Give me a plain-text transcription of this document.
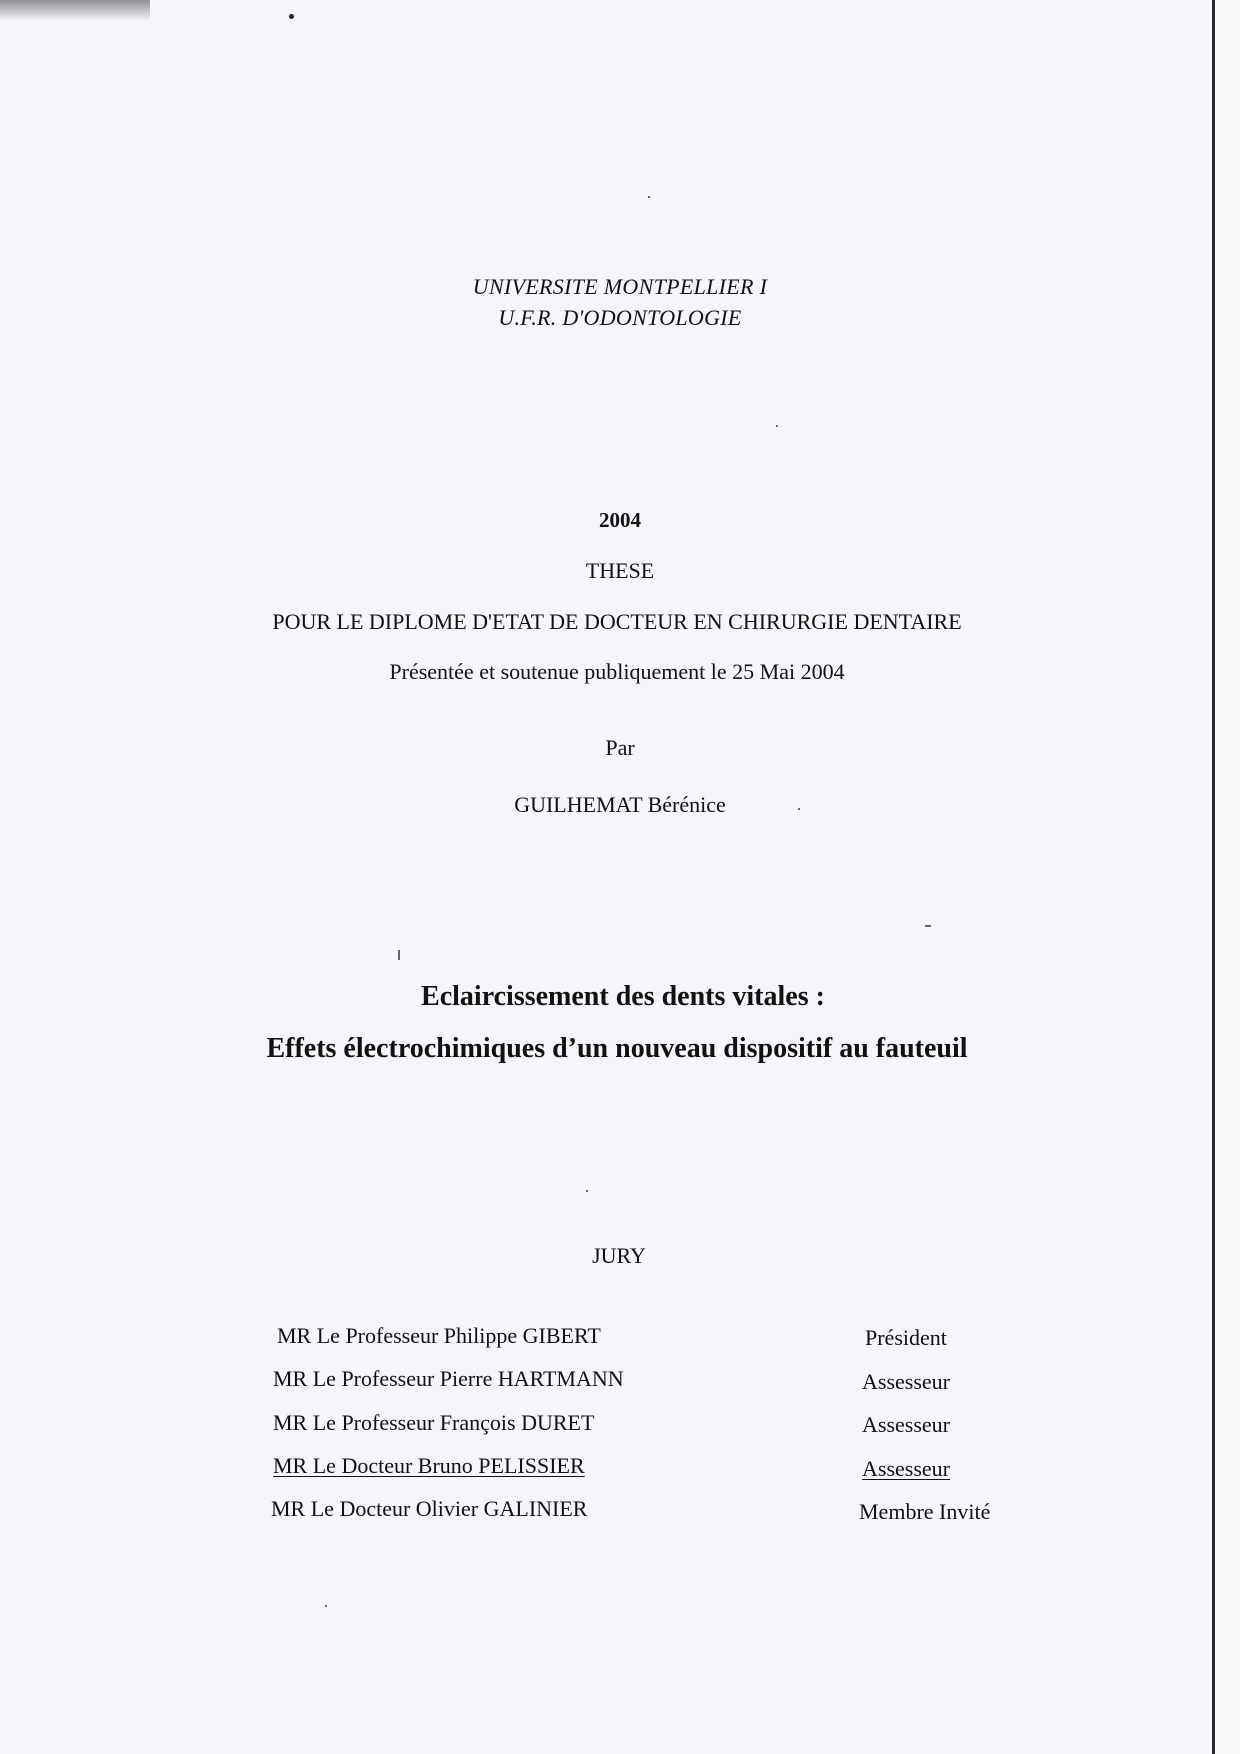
UNIVERSITE MONTPELLIER I
U.F.R. D'ODONTOLOGIE
2004
THESE
POUR LE DIPLOME D'ETAT DE DOCTEUR EN CHIRURGIE DENTAIRE
Présentée et soutenue publiquement le 25 Mai 2004
Par
GUILHEMAT Bérénice
Eclaircissement des dents vitales :
Effets électrochimiques d’un nouveau dispositif au fauteuil
JURY
MR Le Professeur Philippe GIBERT	Président
MR Le Professeur Pierre HARTMANN	Assesseur
MR Le Professeur François DURET	Assesseur
MR Le Docteur Bruno PELISSIER	Assesseur
MR Le Docteur Olivier GALINIER	Membre Invité
